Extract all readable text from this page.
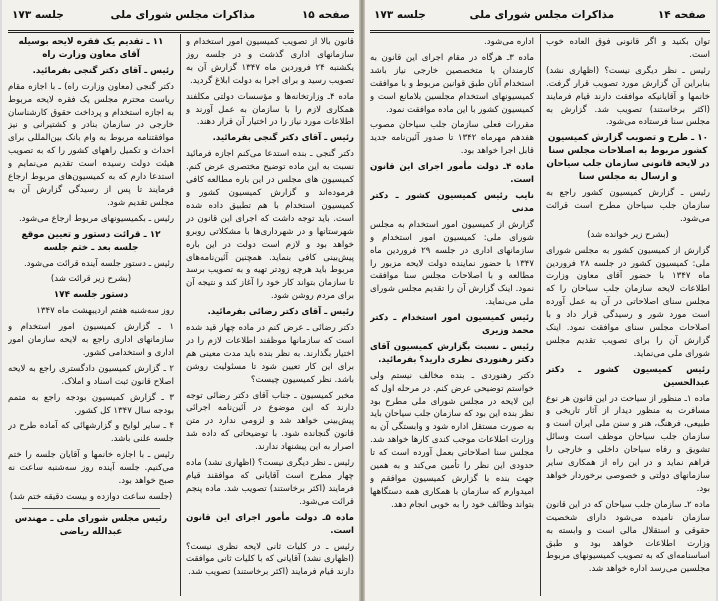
صفحه ۱۵
مذاکرات مجلس شورای ملی
جلسه ۱۷۳

قانون بالا از تصویب کمیسیون امور استخدام و سازمانهای اداری گذشت و در جلسه روز یکشنبه ۲۴ فروردین ماه ۱۳۴۷ گزارش آن به تصویب رسید و برای اجرا به دولت ابلاغ گردید.

ماده ۴ـ وزارتخانه‌ها و مؤسسات دولتی مکلفند همکاری لازم را با سازمان به عمل آورند و اطلاعات مورد نیاز را در اختیار آن قرار دهند.

رئیس ـ آقای دکتر گنجی بفرمائید.

دکتر گنجی ـ بنده استدعا می‌کنم اجازه فرمائید نسبت به این ماده توضیح مختصری عرض کنم. کمیسیون های مجلس در این باره مطالعه کافی فرموده‌اند و گزارش کمیسیون کشور و کمیسیون استخدام با هم تطبیق داده شده است. باید توجه داشت که اجرای این قانون در شهرستانها و در شهرداری‌ها با مشکلاتی روبرو خواهد بود و لازم است دولت در این باره پیش‌بینی کافی بنماید. همچنین آئین‌نامه‌های مربوط باید هرچه زودتر تهیه و به تصویب برسد تا سازمان بتواند کار خود را آغاز کند و نتیجه آن برای مردم روشن شود.

رئیس ـ آقای دکتر رضائی بفرمائید.

دکتر رضائی ـ عرض کنم در ماده چهار قید شده است که سازمانها موظفند اطلاعات لازم را در اختیار بگذارند. به نظر بنده باید مدت معینی هم برای این کار تعیین شود تا مسئولیت روشن باشد. نظر کمیسیون چیست؟

مخبر کمیسیون ـ جناب آقای دکتر رضائی توجه دارند که این موضوع در آئین‌نامه اجرائی پیش‌بینی خواهد شد و لزومی ندارد در متن قانون گنجانده شود. با توضیحاتی که داده شد اصرار به این پیشنهاد ندارند.

رئیس ـ نظر دیگری نیست؟ (اظهاری نشد) ماده چهار مطرح است آقایانی که موافقند قیام فرمایند (اکثر برخاستند) تصویب شد. ماده پنجم قرائت می‌شود.

ماده ۵ـ دولت مأمور اجرای این قانون است.

رئیس ـ در کلیات ثانی لایحه نظری نیست؟ (اظهاری نشد) آقایانی که با کلیات ثانی موافقت دارند قیام فرمایند (اکثر برخاستند) تصویب شد.

۱۱ ـ تقدیم یک فقره لایحه بوسیله آقای معاون وزارت راه

رئیس ـ آقای دکتر گنجی بفرمائید.

دکتر گنجی (معاون وزارت راه) ـ با اجازه مقام ریاست محترم مجلس یک فقره لایحه مربوط به اجازه استخدام و پرداخت حقوق کارشناسان خارجی در سازمان بنادر و کشتیرانی و نیز موافقتنامه مربوط به وام بانک بین‌المللی برای احداث و تکمیل راههای کشور را که به تصویب هیئت دولت رسیده است تقدیم می‌نمایم و استدعا دارم که به کمیسیون‌های مربوط ارجاع فرمایند تا پس از رسیدگی گزارش آن به مجلس تقدیم شود.

رئیس ـ بکمیسیونهای مربوط ارجاع می‌شود.

۱۲ ـ قرائت دستور و تعیین موقع جلسه بعد ـ ختم جلسه

رئیس ـ دستور جلسه آینده قرائت می‌شود.

(بشرح زیر قرائت شد)

دستور جلسه ۱۷۴

روز سه‌شنبه هفتم اردیبهشت ماه ۱۳۴۷

۱ ـ گزارش کمیسیون امور استخدام و سازمانهای اداری راجع به لایحه سازمان امور اداری و استخدامی کشور.

۲ ـ گزارش کمیسیون دادگستری راجع به لایحه اصلاح قانون ثبت اسناد و املاک.

۳ ـ گزارش کمیسیون بودجه راجع به متمم بودجه سال ۱۳۴۷ کل کشور.

۴ ـ سایر لوایح و گزارشهائی که آماده طرح در جلسه علنی باشد.

رئیس ـ با اجازه خانمها و آقایان جلسه را ختم می‌کنیم. جلسه آینده روز سه‌شنبه ساعت نه صبح خواهد بود.

(جلسه ساعت دوازده و بیست دقیقه ختم شد)

رئیس مجلس شورای ملی ـ مهندس عبدالله ریاضی

صفحه ۱۴
مذاکرات مجلس شورای ملی
جلسه ۱۷۳

توان بکنید و اگر قانونی فوق العاده خوب است.

رئیس ـ نظر دیگری نیست؟ (اظهاری نشد) بنابراین آن گزارش مورد تصویب قرار گرفت. خانمها و آقایانیکه موافقت دارند قیام فرمایند (اکثر برخاستند) تصویب شد. گزارش به مجلس سنا فرستاده می‌شود.

۱۰ ـ طرح و تصویب گزارش کمیسیون کشور مربوط به اصلاحات مجلس سنا در لایحه قانونی سازمان جلب سیاحان و ارسال به مجلس سنا

رئیس ـ گزارش کمیسیون کشور راجع به سازمان جلب سیاحان مطرح است قرائت می‌شود.

(بشرح زیر خوانده شد)

گزارش از کمیسیون کشور به مجلس شورای ملی: کمیسیون کشور در جلسه ۲۸ فروردین ماه ۱۳۴۷ با حضور آقای معاون وزارت اطلاعات لایحه سازمان جلب سیاحان را که مجلس سنای اصلاحاتی در آن به عمل آورده است مورد شور و رسیدگی قرار داد و با اصلاحات مجلس سنای موافقت نمود. اینک گزارش آن را برای تصویب تقدیم مجلس شورای ملی می‌نماید.

رئیس کمیسیون کشور ـ دکتر عبدالحسین

ماده ۱ـ منظور از سیاحت در این قانون هر نوع مسافرت به منظور دیدار از آثار تاریخی و طبیعی، فرهنگ، هنر و سنن ملی ایران است و سازمان جلب سیاحان موظف است وسائل تشویق و رفاه سیاحان داخلی و خارجی را فراهم نماید و در این راه از همکاری سایر سازمانهای دولتی و خصوصی برخوردار خواهد بود.

ماده ۲ـ سازمان جلب سیاحان که در این قانون سازمان نامیده می‌شود دارای شخصیت حقوقی و استقلال مالی است و وابسته به وزارت اطلاعات خواهد بود و طبق اساسنامه‌ای که به تصویب کمیسیونهای مربوط مجلسین می‌رسد اداره خواهد شد.

اداره می‌شود.

ماده ۳ـ هرگاه در مقام اجرای این قانون به کارمندان یا متخصصین خارجی نیاز باشد استخدام آنان طبق قوانین مربوط و با موافقت کمیسیونهای استخدام مجلسین بلامانع است و کمیسیون کشور با این ماده موافقت نمود.

مقررات فعلی سازمان جلب سیاحان مصوب هفدهم مهرماه ۱۳۴۲ تا صدور آئین‌نامه جدید قابل اجرا خواهد بود.

ماده ۴ـ دولت مأمور اجرای این قانون است.

نایب رئیس کمیسیون کشور ـ دکتر مدنی

گزارش از کمیسیون امور استخدام به مجلس شورای ملی: کمیسیون امور استخدام و سازمانهای اداری در جلسه ۲۹ فروردین ماه ۱۳۴۷ با حضور نماینده دولت لایحه مزبور را مطالعه و با اصلاحات مجلس سنا موافقت نمود. اینک گزارش آن را تقدیم مجلس شورای ملی می‌نماید.

رئیس کمیسیون امور استخدام ـ دکتر محمد وزیری

رئیس ـ نسبت بگزارش کمیسیون آقای دکتر رهنوردی نظری دارید؟ بفرمائید.

دکتر رهنوردی ـ بنده مخالف نیستم ولی خواستم توضیحی عرض کنم. در مرحله اول که این لایحه در مجلس شورای ملی مطرح بود نظر بنده این بود که سازمان جلب سیاحان باید به صورت مستقل اداره شود و وابستگی آن به وزارت اطلاعات موجب کندی کارها خواهد شد. مجلس سنا اصلاحاتی بعمل آورده است که تا حدودی این نظر را تأمین می‌کند و به همین جهت بنده با گزارش کمیسیون موافقم و امیدوارم که سازمان با همکاری همه دستگاهها بتواند وظائف خود را به خوبی انجام دهد.
